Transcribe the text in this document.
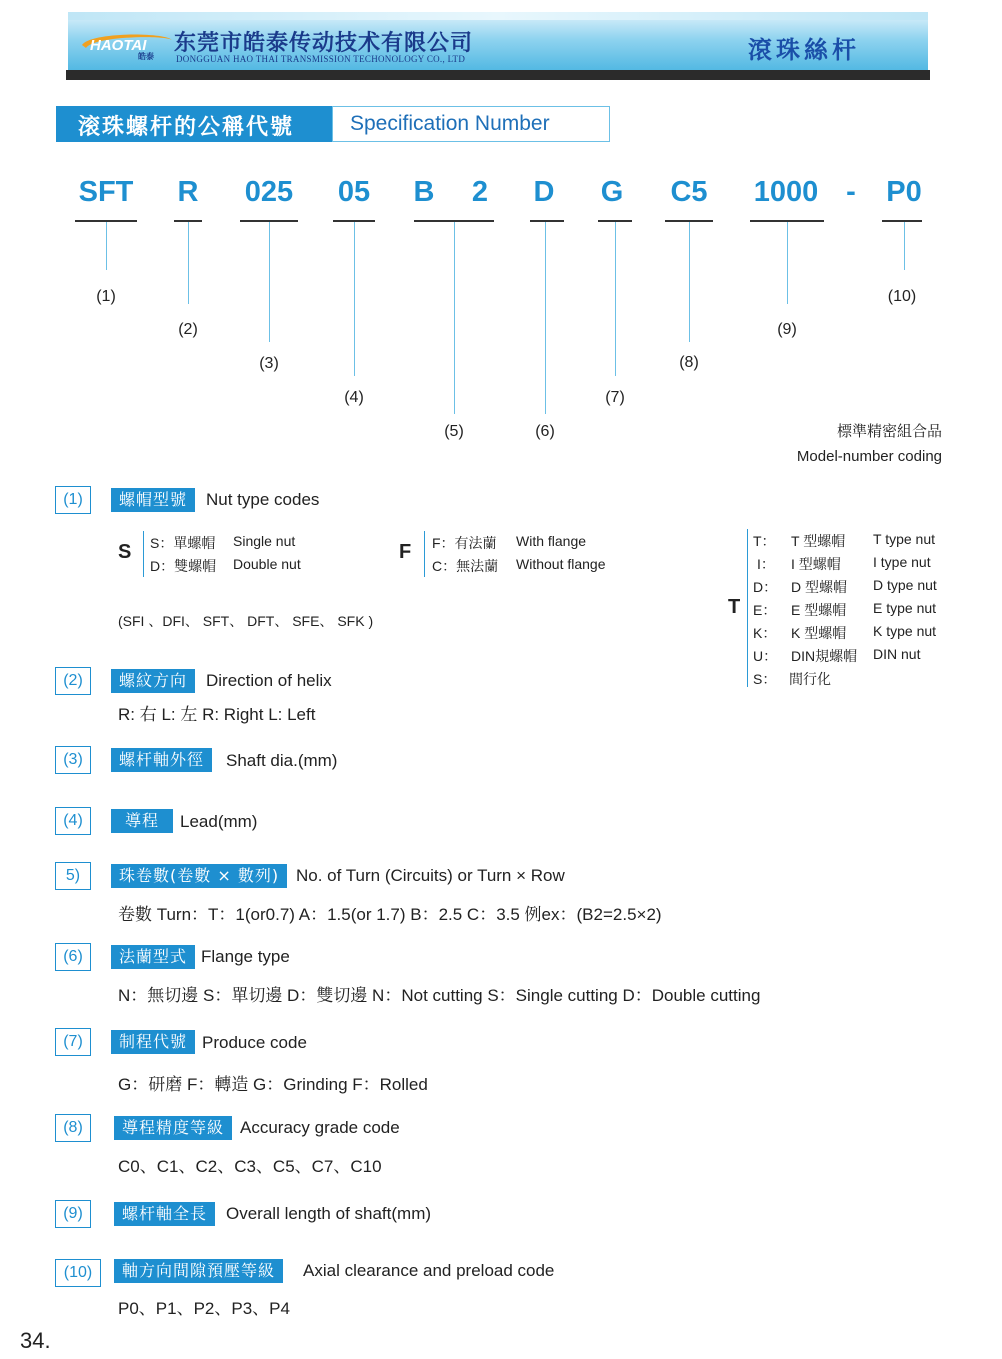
HAOTAI
皓泰
东莞市皓泰传动技术有限公司
DONGGUAN HAO THAI TRANSMISSION TECHONOLOGY CO., LTD	滾珠絲杆
滚珠螺杆的公稱代號	Specification Number
SFT R 025 05 B 2 D G C5 1000 - P0
(1)
(2)
(3)
(4)
(5)	(6)
(7)
(8)
(9)
(10)
標準精密組合品
Model-number coding
(1)	螺帽型號	Nut type codes
S S：單螺帽 Single nut
D：雙螺帽 Double nut
F F：有法蘭 With flange
C：無法蘭 Without flange
(SFI 、DFI、 SFT、 DFT、 SFE、 SFK )
T
T： T 型螺帽 T type nut
I： I 型螺帽 I type nut
D： D 型螺帽 D type nut
E： E 型螺帽 E type nut
K： K 型螺帽 K type nut
U： DIN規螺帽 DIN nut
S： 間行化
(2)	螺紋方向	Direction of helix
R: 右 L: 左 R: Right L: Left
(3)	螺杆軸外徑	Shaft dia.(mm)
(4)	導程	Lead(mm)
5)	珠卷數(卷數 × 數列) No. of Turn (Circuits) or Turn × Row
卷數 Turn：T：1(or0.7) A：1.5(or 1.7) B：2.5 C：3.5 例ex：(B2=2.5×2)
(6)	法蘭型式 Flange type
N：無切邊 S：單切邊 D：雙切邊 N：Not cutting S：Single cutting D：Double cutting
(7)	制程代號 Produce code
G：研磨 F：轉造 G：Grinding F：Rolled
(8)	導程精度等級 Accuracy grade code
C0、C1、C2、C3、C5、C7、C10
(9)	螺杆軸全長	Overall length of shaft(mm)
(10)	軸方向間隙預壓等級	Axial clearance and preload code
P0、P1、P2、P3、P4
34.
